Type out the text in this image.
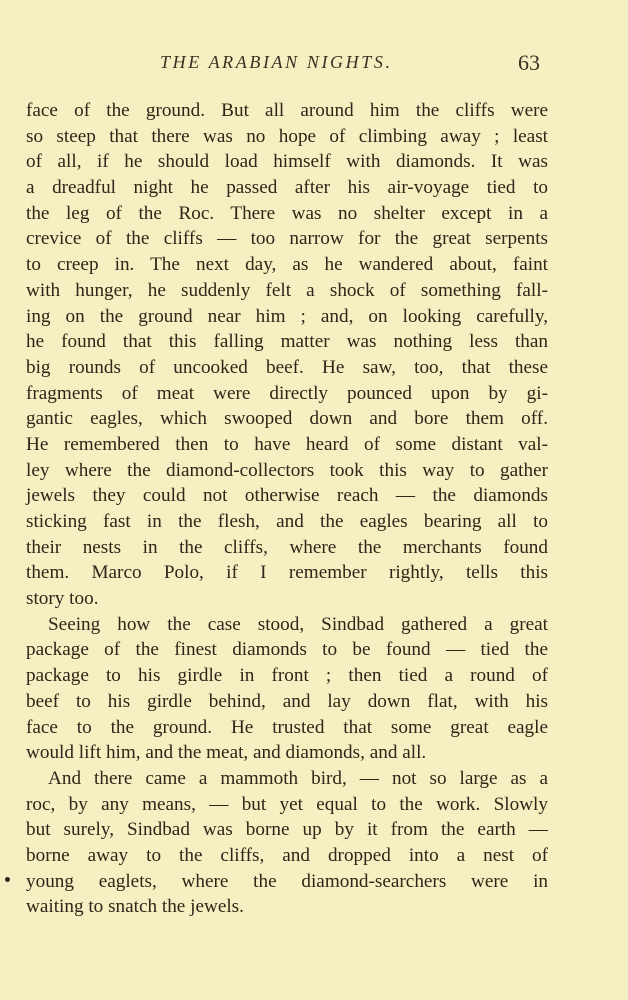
THE ARABIAN NIGHTS.	63
face of the ground. But all around him the cliffs were
so steep that there was no hope of climbing away ; least
of all, if he should load himself with diamonds. It was
a dreadful night he passed after his air-voyage tied to
the leg of the Roc. There was no shelter except in a
crevice of the cliffs — too narrow for the great serpents
to creep in. The next day, as he wandered about, faint
with hunger, he suddenly felt a shock of something fall-
ing on the ground near him ; and, on looking carefully,
he found that this falling matter was nothing less than
big rounds of uncooked beef. He saw, too, that these
fragments of meat were directly pounced upon by gi-
gantic eagles, which swooped down and bore them off.
He remembered then to have heard of some distant val-
ley where the diamond-collectors took this way to gather
jewels they could not otherwise reach — the diamonds
sticking fast in the flesh, and the eagles bearing all to
their nests in the cliffs, where the merchants found
them. Marco Polo, if I remember rightly, tells this
story too.
Seeing how the case stood, Sindbad gathered a great
package of the finest diamonds to be found — tied the
package to his girdle in front ; then tied a round of
beef to his girdle behind, and lay down flat, with his
face to the ground. He trusted that some great eagle
would lift him, and the meat, and diamonds, and all.
And there came a mammoth bird, — not so large as a
roc, by any means, — but yet equal to the work. Slowly
but surely, Sindbad was borne up by it from the earth —
borne away to the cliffs, and dropped into a nest of
young eaglets, where the diamond-searchers were in
waiting to snatch the jewels.
